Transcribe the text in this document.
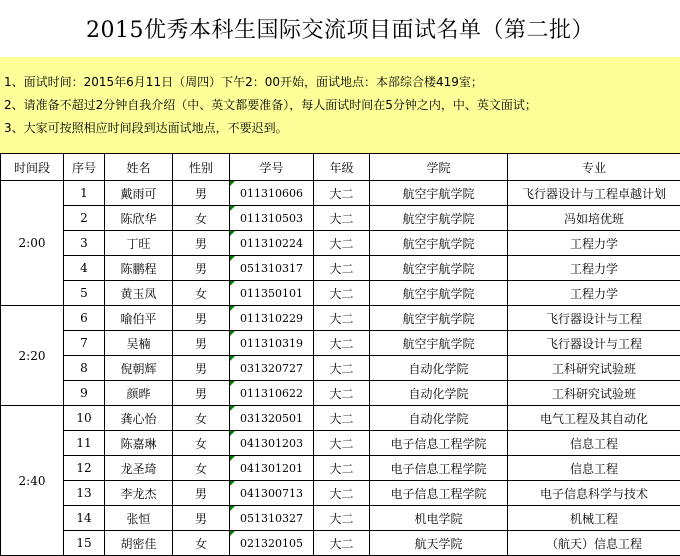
2015优秀本科生国际交流项目面试名单（第二批）
1、面试时间：2015年6月11日（周四）下午2：00开始，面试地点：本部综合楼419室；
2、请准备不超过2分钟自我介绍（中、英文都要准备），每人面试时间在5分钟之内，中、英文面试；
3、大家可按照相应时间段到达面试地点，不要迟到。
时间段	序号	姓名	性别	学号	年级	学院	专业
2:00	1	戴雨可	男	011310606	大二	航空宇航学院	飞行器设计与工程卓越计划
	2	陈欣华	女	011310503	大二	航空宇航学院	冯如培优班
	3	丁旺	男	011310224	大二	航空宇航学院	工程力学
	4	陈鹏程	男	051310317	大二	航空宇航学院	工程力学
	5	黄玉凤	女	011350101	大二	航空宇航学院	工程力学
2:20	6	喻伯平	男	011310229	大二	航空宇航学院	飞行器设计与工程
	7	吴楠	男	011310319	大二	航空宇航学院	飞行器设计与工程
	8	倪朝辉	男	031320727	大二	自动化学院	工科研究试验班
	9	颜晔	男	011310622	大二	自动化学院	工科研究试验班
2:40	10	龚心怡	女	031320501	大二	自动化学院	电气工程及其自动化
	11	陈嘉琳	女	041301203	大二	电子信息工程学院	信息工程
	12	龙圣琦	女	041301201	大二	电子信息工程学院	信息工程
	13	李龙杰	男	041300713	大二	电子信息工程学院	电子信息科学与技术
	14	张恒	男	051310327	大二	机电学院	机械工程
	15	胡密佳	女	021320105	大二	航天学院	（航天）信息工程
